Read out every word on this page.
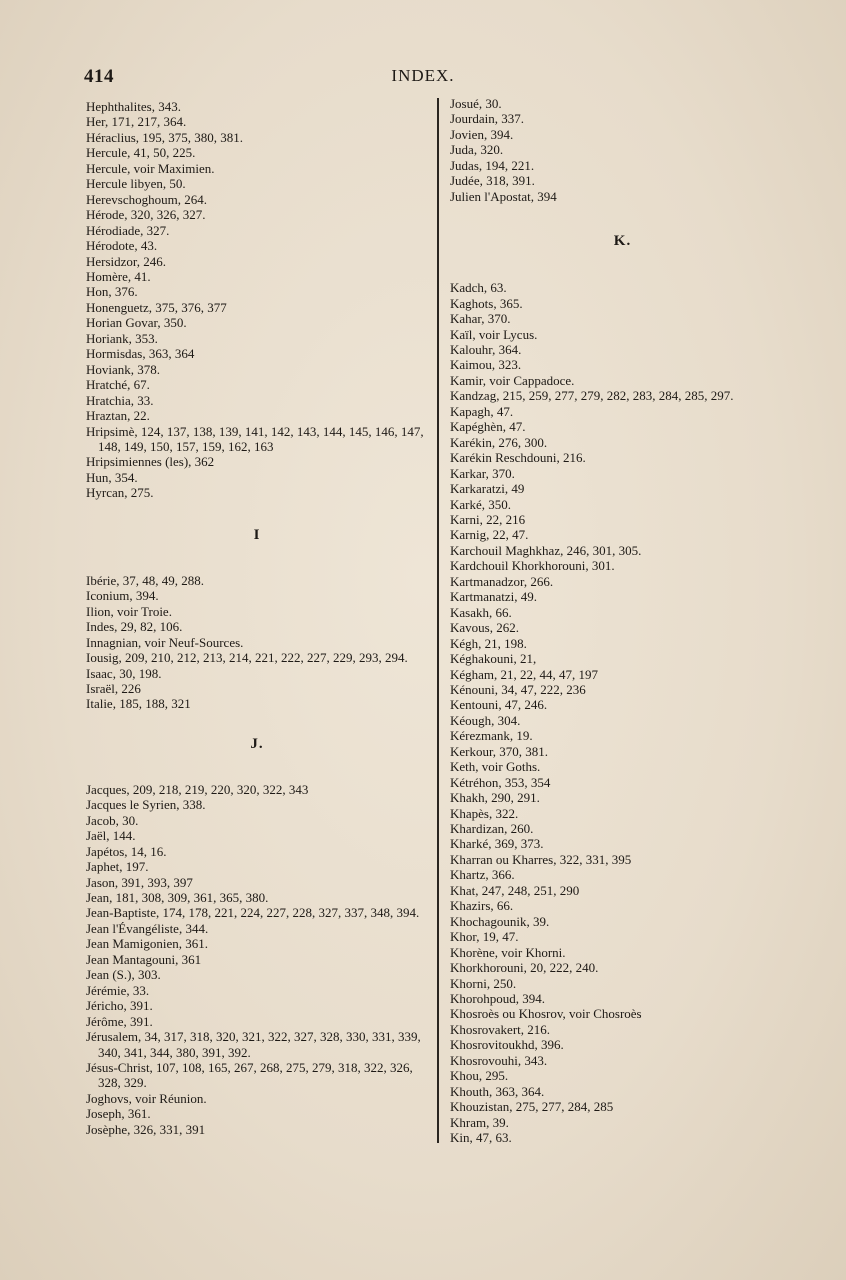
414	INDEX.
Hephthalites, 343.
Her, 171, 217, 364.
Héraclius, 195, 375, 380, 381.
Hercule, 41, 50, 225.
Hercule, voir Maximien.
Hercule libyen, 50.
Herevschoghoum, 264.
Hérode, 320, 326, 327.
Hérodiade, 327.
Hérodote, 43.
Hersidzor, 246.
Homère, 41.
Hon, 376.
Honenguetz, 375, 376, 377
Horian Govar, 350.
Horiank, 353.
Hormisdas, 363, 364
Hoviank, 378.
Hratché, 67.
Hratchia, 33.
Hraztan, 22.
Hripsimè, 124, 137, 138, 139, 141, 142, 143, 144, 145, 146, 147, 148, 149, 150, 157, 159, 162, 163
Hripsimiennes (les), 362
Hun, 354.
Hyrcan, 275.
I
Ibérie, 37, 48, 49, 288.
Iconium, 394.
Ilion, voir Troie.
Indes, 29, 82, 106.
Innagnian, voir Neuf-Sources.
Iousig, 209, 210, 212, 213, 214, 221, 222, 227, 229, 293, 294.
Isaac, 30, 198.
Israël, 226
Italie, 185, 188, 321
J.
Jacques, 209, 218, 219, 220, 320, 322, 343
Jacques le Syrien, 338.
Jacob, 30.
Jaël, 144.
Japétos, 14, 16.
Japhet, 197.
Jason, 391, 393, 397
Jean, 181, 308, 309, 361, 365, 380.
Jean-Baptiste, 174, 178, 221, 224, 227, 228, 327, 337, 348, 394.
Jean l'Évangéliste, 344.
Jean Mamigonien, 361.
Jean Mantagouni, 361
Jean (S.), 303.
Jérémie, 33.
Jéricho, 391.
Jérôme, 391.
Jérusalem, 34, 317, 318, 320, 321, 322, 327, 328, 330, 331, 339, 340, 341, 344, 380, 391, 392.
Jésus-Christ, 107, 108, 165, 267, 268, 275, 279, 318, 322, 326, 328, 329.
Joghovs, voir Réunion.
Joseph, 361.
Josèphe, 326, 331, 391
Josué, 30.
Jourdain, 337.
Jovien, 394.
Juda, 320.
Judas, 194, 221.
Judée, 318, 391.
Julien l'Apostat, 394
K.
Kadch, 63.
Kaghots, 365.
Kahar, 370.
Kaïl, voir Lycus.
Kalouhr, 364.
Kaimou, 323.
Kamir, voir Cappadoce.
Kandzag, 215, 259, 277, 279, 282, 283, 284, 285, 297.
Kapagh, 47.
Kapéghèn, 47.
Karékin, 276, 300.
Karékin Reschdouni, 216.
Karkar, 370.
Karkaratzi, 49
Karké, 350.
Karni, 22, 216
Karnig, 22, 47.
Karchouil Maghkhaz, 246, 301, 305.
Kardchouil Khorkhorouni, 301.
Kartmanadzor, 266.
Kartmanatzi, 49.
Kasakh, 66.
Kavous, 262.
Kégh, 21, 198.
Kéghakouni, 21,
Kégham, 21, 22, 44, 47, 197
Kénouni, 34, 47, 222, 236
Kentouni, 47, 246.
Kéough, 304.
Kérezmank, 19.
Kerkour, 370, 381.
Keth, voir Goths.
Kétréhon, 353, 354
Khakh, 290, 291.
Khapès, 322.
Khardizan, 260.
Kharké, 369, 373.
Kharran ou Kharres, 322, 331, 395
Khartz, 366.
Khat, 247, 248, 251, 290
Khazirs, 66.
Khochagounik, 39.
Khor, 19, 47.
Khorène, voir Khorni.
Khorkhorouni, 20, 222, 240.
Khorni, 250.
Khorohpoud, 394.
Khosroès ou Khosrov, voir Chosroès
Khosrovakert, 216.
Khosrovitoukhd, 396.
Khosrovouhi, 343.
Khou, 295.
Khouth, 363, 364.
Khouzistan, 275, 277, 284, 285
Khram, 39.
Kin, 47, 63.
